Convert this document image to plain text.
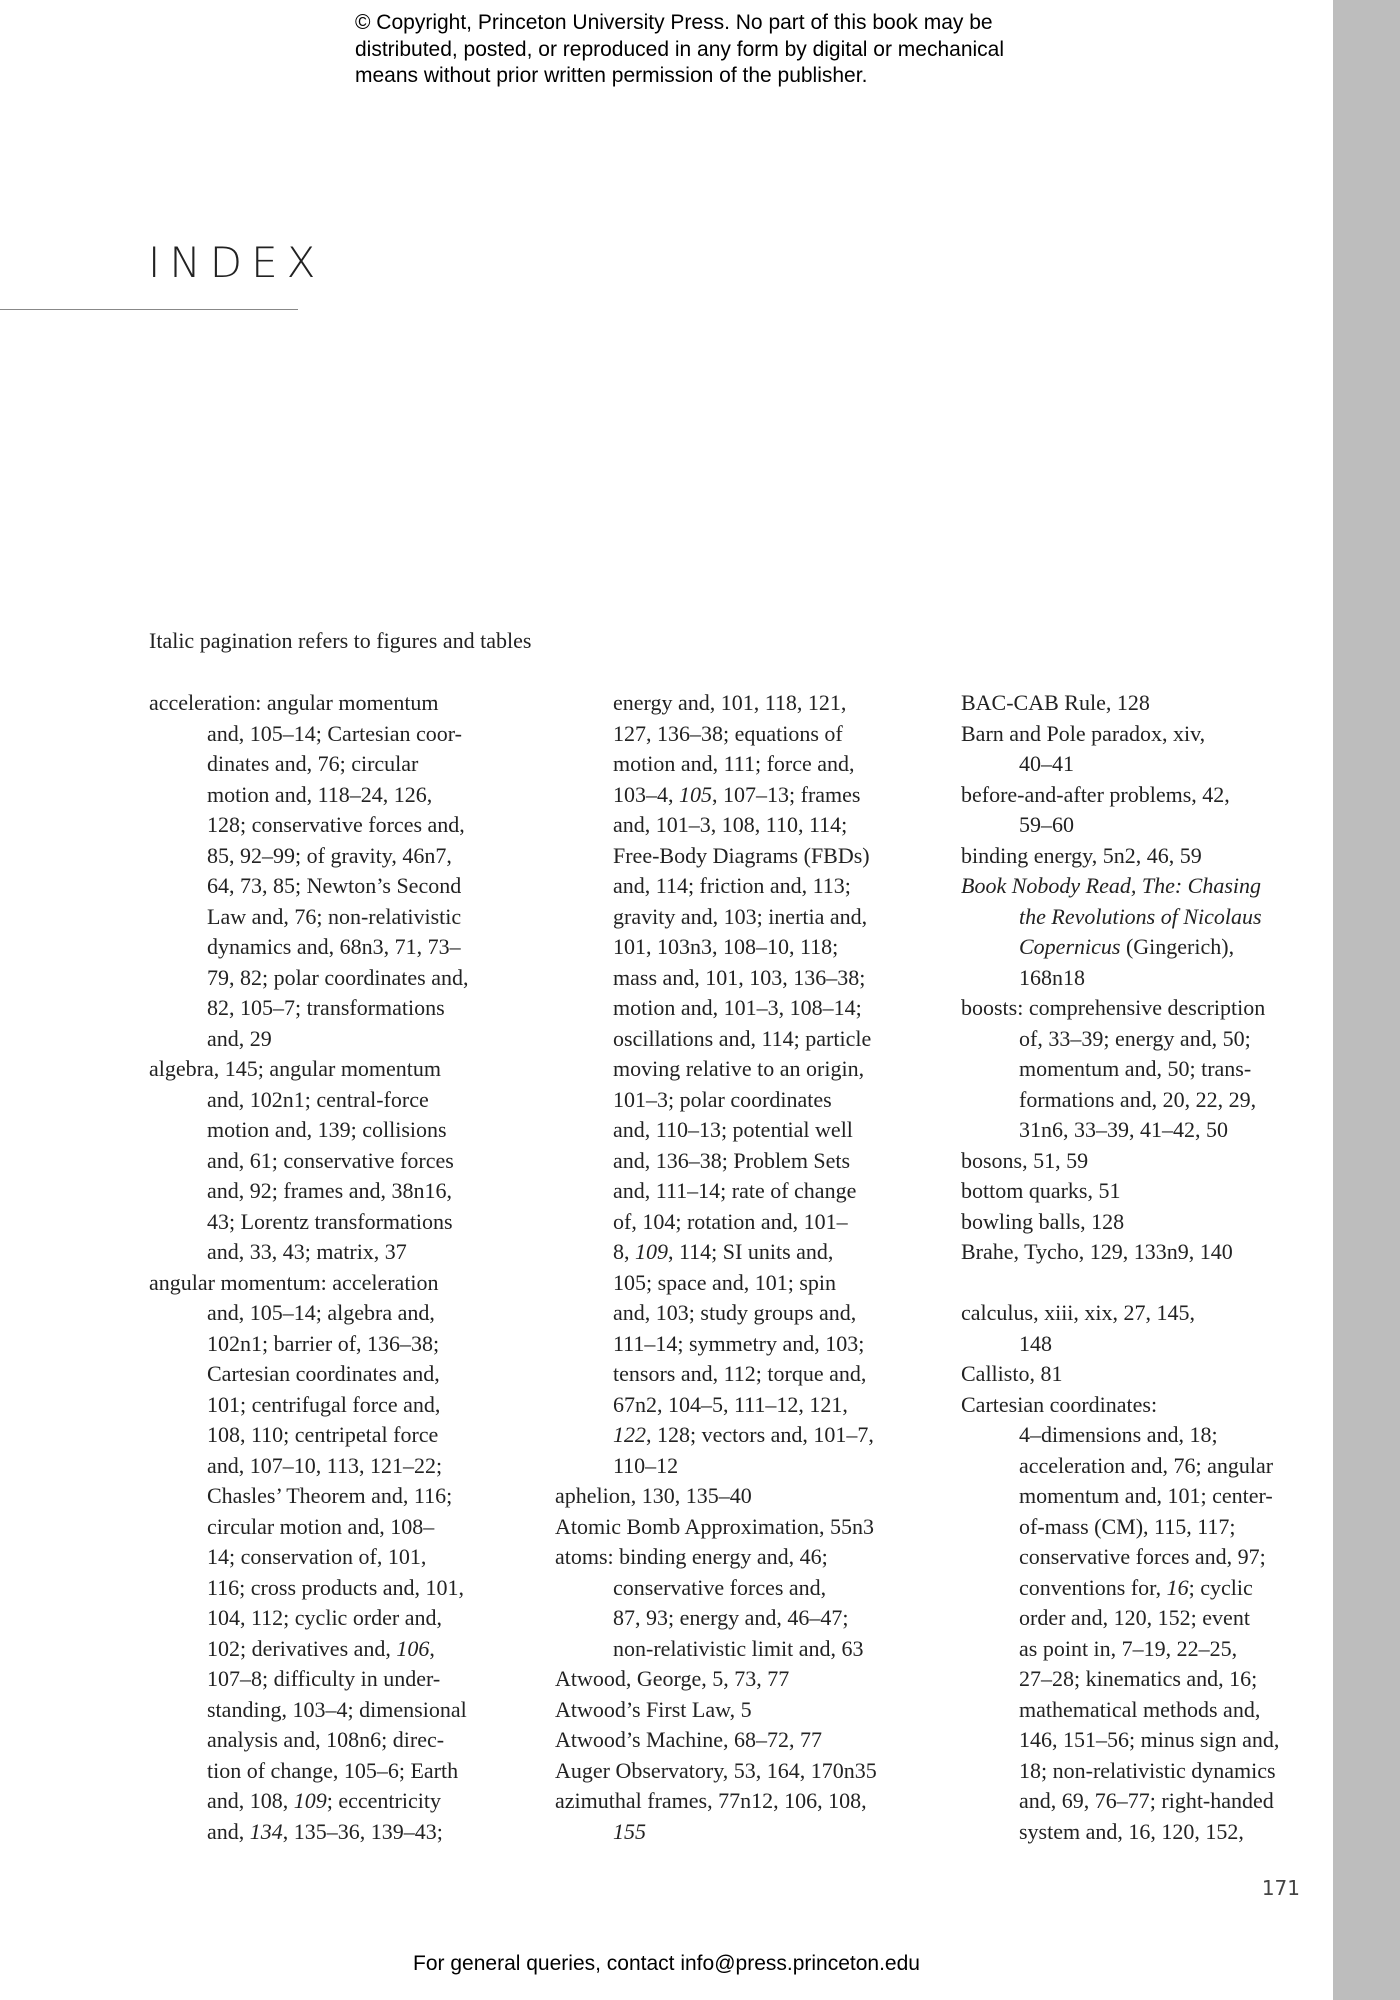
© Copyright, Princeton University Press. No part of this book may be
distributed, posted, or reproduced in any form by digital or mechanical
means without prior written permission of the publisher.
INDEX
Italic pagination refers to figures and tables
acceleration: angular momentum
and, 105–14; Cartesian coor-
dinates and, 76; circular
motion and, 118–24, 126,
128; conservative forces and,
85, 92–99; of gravity, 46n7,
64, 73, 85; Newton’s Second
Law and, 76; non-relativistic
dynamics and, 68n3, 71, 73–
79, 82; polar coordinates and,
82, 105–7; transformations
and, 29
algebra, 145; angular momentum
and, 102n1; central-force
motion and, 139; collisions
and, 61; conservative forces
and, 92; frames and, 38n16,
43; Lorentz transformations
and, 33, 43; matrix, 37
angular momentum: acceleration
and, 105–14; algebra and,
102n1; barrier of, 136–38;
Cartesian coordinates and,
101; centrifugal force and,
108, 110; centripetal force
and, 107–10, 113, 121–22;
Chasles’ Theorem and, 116;
circular motion and, 108–
14; conservation of, 101,
116; cross products and, 101,
104, 112; cyclic order and,
102; derivatives and, 106,
107–8; difficulty in under-
standing, 103–4; dimensional
analysis and, 108n6; direc-
tion of change, 105–6; Earth
and, 108, 109; eccentricity
and, 134, 135–36, 139–43;
energy and, 101, 118, 121,
127, 136–38; equations of
motion and, 111; force and,
103–4, 105, 107–13; frames
and, 101–3, 108, 110, 114;
Free-Body Diagrams (FBDs)
and, 114; friction and, 113;
gravity and, 103; inertia and,
101, 103n3, 108–10, 118;
mass and, 101, 103, 136–38;
motion and, 101–3, 108–14;
oscillations and, 114; particle
moving relative to an origin,
101–3; polar coordinates
and, 110–13; potential well
and, 136–38; Problem Sets
and, 111–14; rate of change
of, 104; rotation and, 101–
8, 109, 114; SI units and,
105; space and, 101; spin
and, 103; study groups and,
111–14; symmetry and, 103;
tensors and, 112; torque and,
67n2, 104–5, 111–12, 121,
122, 128; vectors and, 101–7,
110–12
aphelion, 130, 135–40
Atomic Bomb Approximation, 55n3
atoms: binding energy and, 46;
conservative forces and,
87, 93; energy and, 46–47;
non-relativistic limit and, 63
Atwood, George, 5, 73, 77
Atwood’s First Law, 5
Atwood’s Machine, 68–72, 77
Auger Observatory, 53, 164, 170n35
azimuthal frames, 77n12, 106, 108,
155
BAC-CAB Rule, 128
Barn and Pole paradox, xiv,
40–41
before-and-after problems, 42,
59–60
binding energy, 5n2, 46, 59
Book Nobody Read, The: Chasing
the Revolutions of Nicolaus
Copernicus (Gingerich),
168n18
boosts: comprehensive description
of, 33–39; energy and, 50;
momentum and, 50; trans-
formations and, 20, 22, 29,
31n6, 33–39, 41–42, 50
bosons, 51, 59
bottom quarks, 51
bowling balls, 128
Brahe, Tycho, 129, 133n9, 140
calculus, xiii, xix, 27, 145,
148
Callisto, 81
Cartesian coordinates:
4–dimensions and, 18;
acceleration and, 76; angular
momentum and, 101; center-
of-mass (CM), 115, 117;
conservative forces and, 97;
conventions for, 16; cyclic
order and, 120, 152; event
as point in, 7–19, 22–25,
27–28; kinematics and, 16;
mathematical methods and,
146, 151–56; minus sign and,
18; non-relativistic dynamics
and, 69, 76–77; right-handed
system and, 16, 120, 152,
171
For general queries, contact info@press.princeton.edu
